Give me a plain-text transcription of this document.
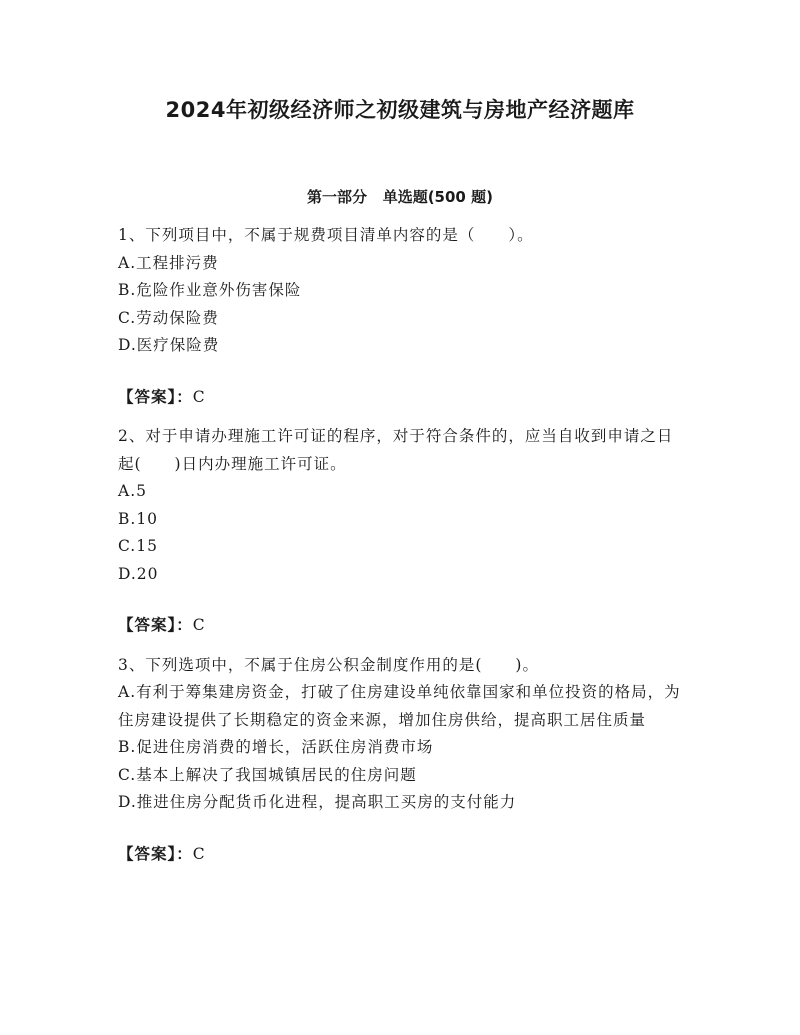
2024年初级经济师之初级建筑与房地产经济题库
第一部分   单选题(500 题)

1、下列项目中，不属于规费项目清单内容的是（　　）。

A.工程排污费
B.危险作业意外伤害保险
C.劳动保险费
D.医疗保险费

【答案】：C

2、对于申请办理施工许可证的程序，对于符合条件的，应当自收到申请之日起(　　)日内办理施工许可证。

A.5
B.10
C.15
D.20

【答案】：C

3、下列选项中，不属于住房公积金制度作用的是(　　)。

A.有利于筹集建房资金，打破了住房建设单纯依靠国家和单位投资的格局，为住房建设提供了长期稳定的资金来源，增加住房供给，提高职工居住质量
B.促进住房消费的增长，活跃住房消费市场
C.基本上解决了我国城镇居民的住房问题
D.推进住房分配货币化进程，提高职工买房的支付能力

【答案】：C
